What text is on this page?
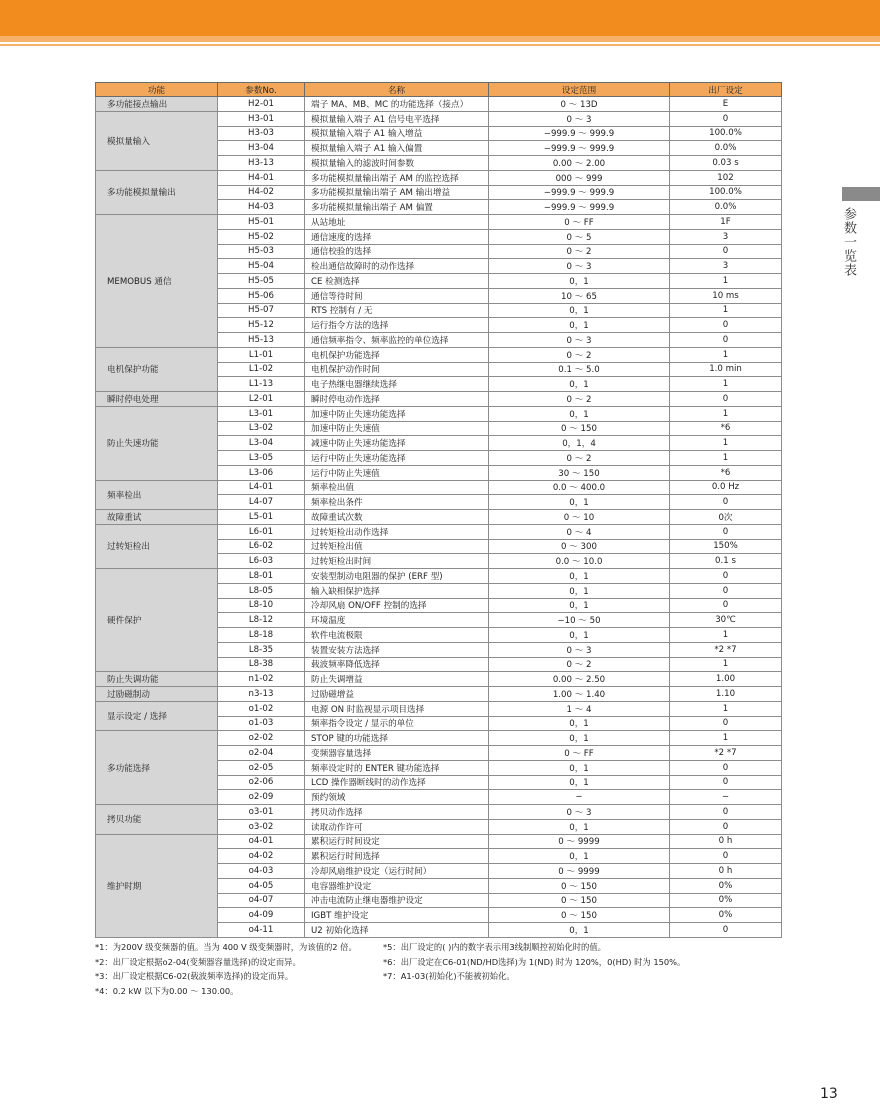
参数一览表
功能	参数No.	名称	设定范围	出厂设定
多功能接点输出	H2-01	端子 MA、MB、MC 的功能选择（接点）	0 ～ 13D	E
模拟量输入	H3-01	模拟量输入端子 A1 信号电平选择	0 ～ 3	0
	H3-03	模拟量输入端子 A1 输入增益	−999.9 ～ 999.9	100.0%
	H3-04	模拟量输入端子 A1 输入偏置	−999.9 ～ 999.9	0.0%
	H3-13	模拟量输入的滤波时间参数	0.00 ～ 2.00	0.03 s
多功能模拟量输出	H4-01	多功能模拟量输出端子 AM 的监控选择	000 ～ 999	102
	H4-02	多功能模拟量输出端子 AM 输出增益	−999.9 ～ 999.9	100.0%
	H4-03	多功能模拟量输出端子 AM 偏置	−999.9 ～ 999.9	0.0%
MEMOBUS 通信	H5-01	从站地址	0 ～ FF	1F
	H5-02	通信速度的选择	0 ～ 5	3
	H5-03	通信校验的选择	0 ～ 2	0
	H5-04	检出通信故障时的动作选择	0 ～ 3	3
	H5-05	CE 检测选择	0，1	1
	H5-06	通信等待时间	10 ～ 65	10 ms
	H5-07	RTS 控制有 / 无	0，1	1
	H5-12	运行指令方法的选择	0，1	0
	H5-13	通信频率指令、频率监控的单位选择	0 ～ 3	0
电机保护功能	L1-01	电机保护功能选择	0 ～ 2	1
	L1-02	电机保护动作时间	0.1 ～ 5.0	1.0 min
	L1-13	电子热继电器继续选择	0，1	1
瞬时停电处理	L2-01	瞬时停电动作选择	0 ～ 2	0
防止失速功能	L3-01	加速中防止失速功能选择	0，1	1
	L3-02	加速中防止失速值	0 ～ 150	*6
	L3-04	减速中防止失速功能选择	0，1，4	1
	L3-05	运行中防止失速功能选择	0 ～ 2	1
	L3-06	运行中防止失速值	30 ～ 150	*6
频率检出	L4-01	频率检出值	0.0 ～ 400.0	0.0 Hz
	L4-07	频率检出条件	0，1	0
故障重试	L5-01	故障重试次数	0 ～ 10	0次
过转矩检出	L6-01	过转矩检出动作选择	0 ～ 4	0
	L6-02	过转矩检出值	0 ～ 300	150%
	L6-03	过转矩检出时间	0.0 ～ 10.0	0.1 s
硬件保护	L8-01	安装型制动电阻器的保护 (ERF 型)	0，1	0
	L8-05	输入缺相保护选择	0，1	0
	L8-10	冷却风扇 ON/OFF 控制的选择	0，1	0
	L8-12	环境温度	−10 ～ 50	30℃
	L8-18	软件电流极限	0，1	1
	L8-35	装置安装方法选择	0 ～ 3	*2 *7
	L8-38	载波频率降低选择	0 ～ 2	1
防止失调功能	n1-02	防止失调增益	0.00 ～ 2.50	1.00
过励磁制动	n3-13	过励磁增益	1.00 ～ 1.40	1.10
显示设定 / 选择	o1-02	电源 ON 时监视显示项目选择	1 ～ 4	1
	o1-03	频率指令设定 / 显示的单位	0，1	0
多功能选择	o2-02	STOP 键的功能选择	0，1	1
	o2-04	变频器容量选择	0 ～ FF	*2 *7
	o2-05	频率设定时的 ENTER 键功能选择	0，1	0
	o2-06	LCD 操作器断线时的动作选择	0，1	0
	o2-09	预约领域	−	−
拷贝功能	o3-01	拷贝动作选择	0 ～ 3	0
	o3-02	读取动作许可	0，1	0
维护时期	o4-01	累积运行时间设定	0 ～ 9999	0 h
	o4-02	累积运行时间选择	0，1	0
	o4-03	冷却风扇维护设定（运行时间）	0 ～ 9999	0 h
	o4-05	电容器维护设定	0 ～ 150	0%
	o4-07	冲击电流防止继电器维护设定	0 ～ 150	0%
	o4-09	IGBT 维护设定	0 ～ 150	0%
	o4-11	U2 初始化选择	0，1	0
*1：为200V 级变频器的值。当为 400 V 级变频器时，为该值的2 倍。
*2：出厂设定根据o2-04(变频器容量选择)的设定而异。
*3：出厂设定根据C6-02(载波频率选择)的设定而异。
*4：0.2 kW 以下为0.00 ～ 130.00。
*5：出厂设定的( )内的数字表示用3线制顺控初始化时的值。
*6：出厂设定在C6-01(ND/HD选择)为 1(ND) 时为 120%，0(HD) 时为 150%。
*7：A1-03(初始化)不能被初始化。
13
